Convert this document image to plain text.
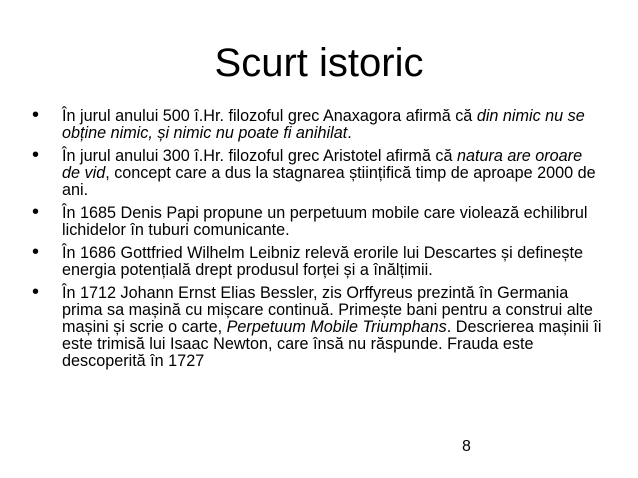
Scurt istoric
• În jurul anului 500 î.Hr. filozoful grec Anaxagora afirmă că din nimic nu se obține nimic, și nimic nu poate fi anihilat.
• În jurul anului 300 î.Hr. filozoful grec Aristotel afirmă că natura are oroare de vid, concept care a dus la stagnarea științifică timp de aproape 2000 de ani.
• În 1685 Denis Papi propune un perpetuum mobile care violează echilibrul lichidelor în tuburi comunicante.
• În 1686 Gottfried Wilhelm Leibniz relevă erorile lui Descartes și definește energia potențială drept produsul forței și a înălțimii.
• În 1712 Johann Ernst Elias Bessler, zis Orffyreus prezintă în Germania prima sa mașină cu mișcare continuă. Primește bani pentru a construi alte mașini și scrie o carte, Perpetuum Mobile Triumphans. Descrierea mașinii îi este trimisă lui Isaac Newton, care însă nu răspunde. Frauda este descoperită în 1727
8
